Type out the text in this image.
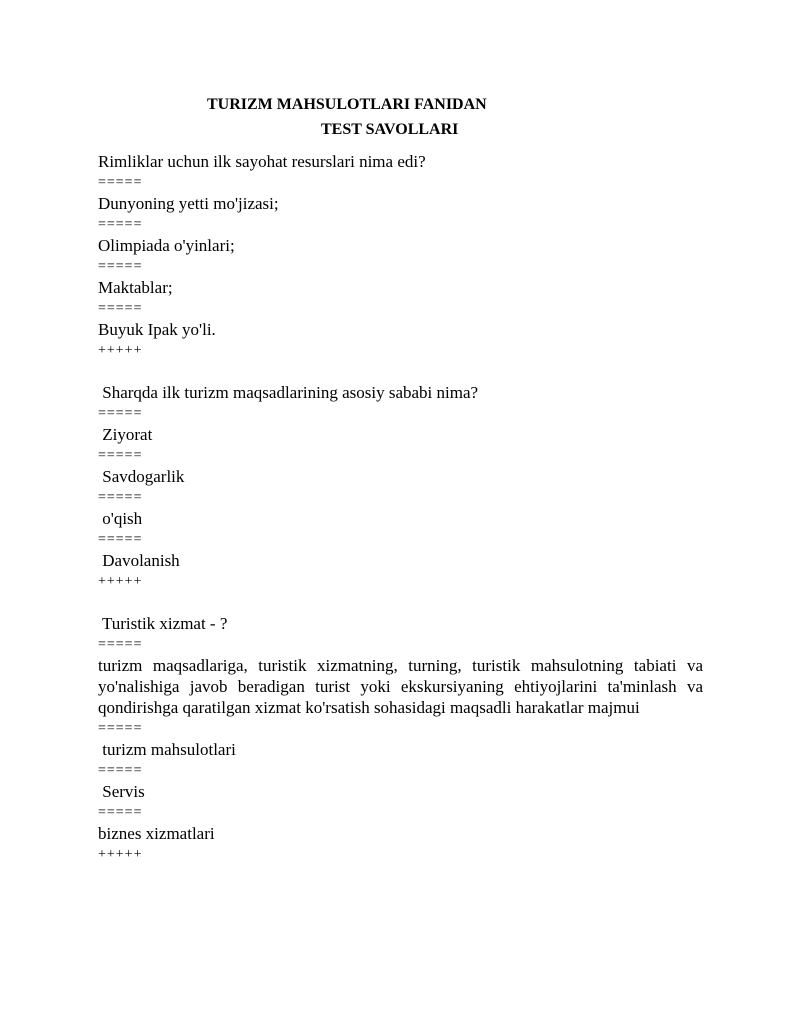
TURIZM MAHSULOTLARI FANIDAN
TEST SAVOLLARI
Rimliklar uchun ilk sayohat resurslari nima edi?
=====
Dunyoning yetti mo'jizasi;
=====
Olimpiada o'yinlari;
=====
Maktablar;
=====
Buyuk Ipak yo'li.
+++++
Sharqda ilk turizm maqsadlarining asosiy sababi nima?
=====
Ziyorat
=====
Savdogarlik
=====
o'qish
=====
Davolanish
+++++
Turistik xizmat - ?
=====
turizm maqsadlariga, turistik xizmatning, turning, turistik mahsulotning tabiati va yo'nalishiga javob beradigan turist yoki ekskursiyaning ehtiyojlarini ta'minlash va qondirishga qaratilgan xizmat ko'rsatish sohasidagi maqsadli harakatlar majmui
=====
turizm mahsulotlari
=====
Servis
=====
biznes xizmatlari
+++++
